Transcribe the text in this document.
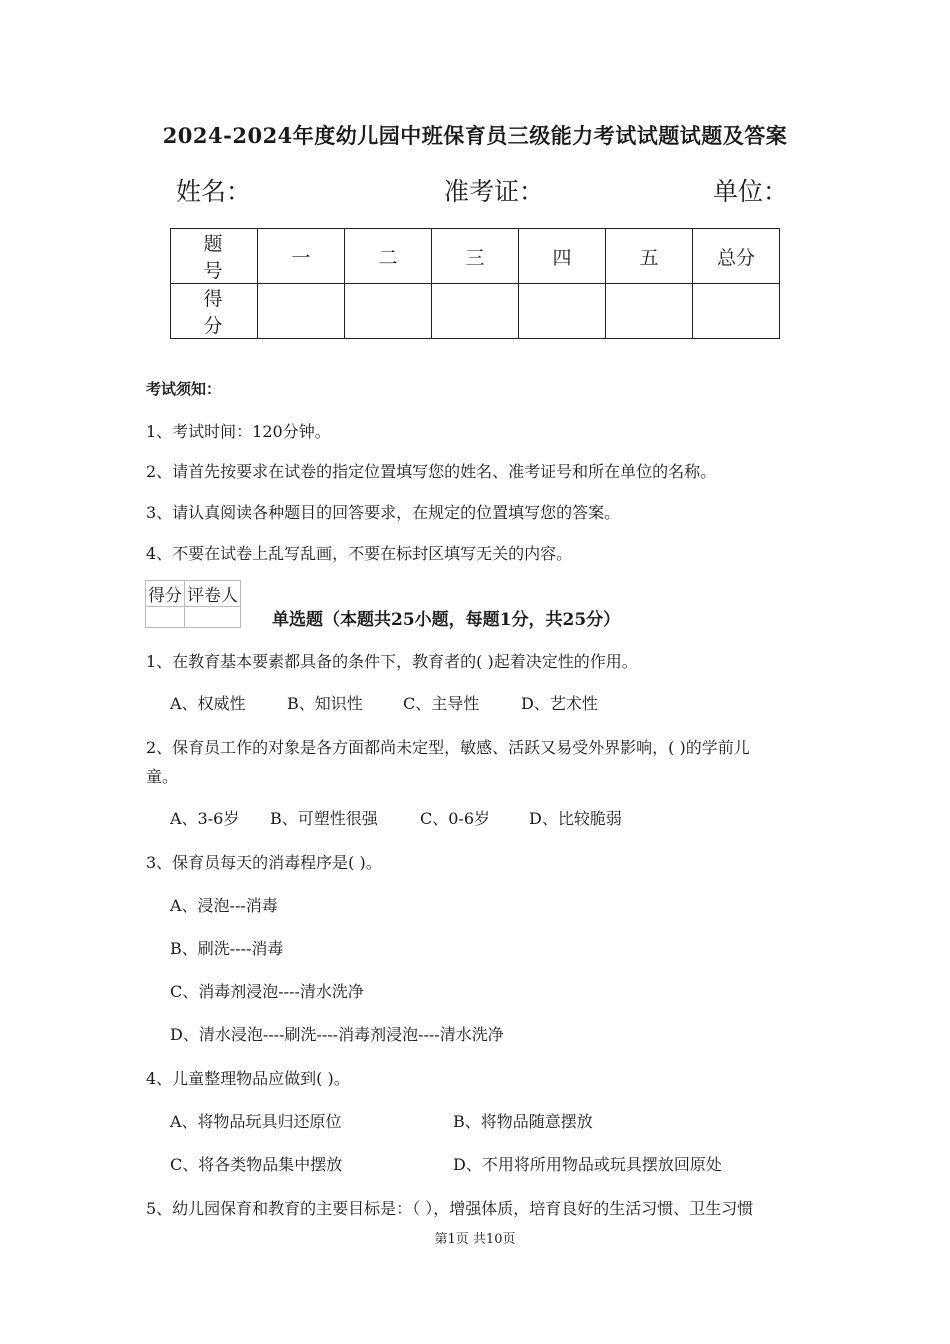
2024-2024年度幼儿园中班保育员三级能力考试试题试题及答案
姓名：	准考证：	单位：
题号	一	二	三	四	五	总分
得分						
考试须知：
1、考试时间：120分钟。
2、请首先按要求在试卷的指定位置填写您的姓名、准考证号和所在单位的名称。
3、请认真阅读各种题目的回答要求，在规定的位置填写您的答案。
4、不要在试卷上乱写乱画，不要在标封区填写无关的内容。
得分	评卷人

单选题（本题共25小题，每题1分，共25分）
1、在教育基本要素都具备的条件下，教育者的( )起着决定性的作用。
A、权威性	B、知识性	C、主导性	D、艺术性
2、保育员工作的对象是各方面都尚未定型，敏感、活跃又易受外界影响，( )的学前儿
童。
A、3-6岁 B、可塑性很强	C、0-6岁 D、比较脆弱
3、保育员每天的消毒程序是( )。
A、浸泡---消毒
B、刷洗----消毒
C、消毒剂浸泡----清水洗净
D、清水浸泡----刷洗----消毒剂浸泡----清水洗净
4、儿童整理物品应做到( )。
A、将物品玩具归还原位	B、将物品随意摆放
C、将各类物品集中摆放	D、不用将所用物品或玩具摆放回原处
5、幼儿园保育和教育的主要目标是：（ ），增强体质，培育良好的生活习惯、卫生习惯
第1页 共10页
